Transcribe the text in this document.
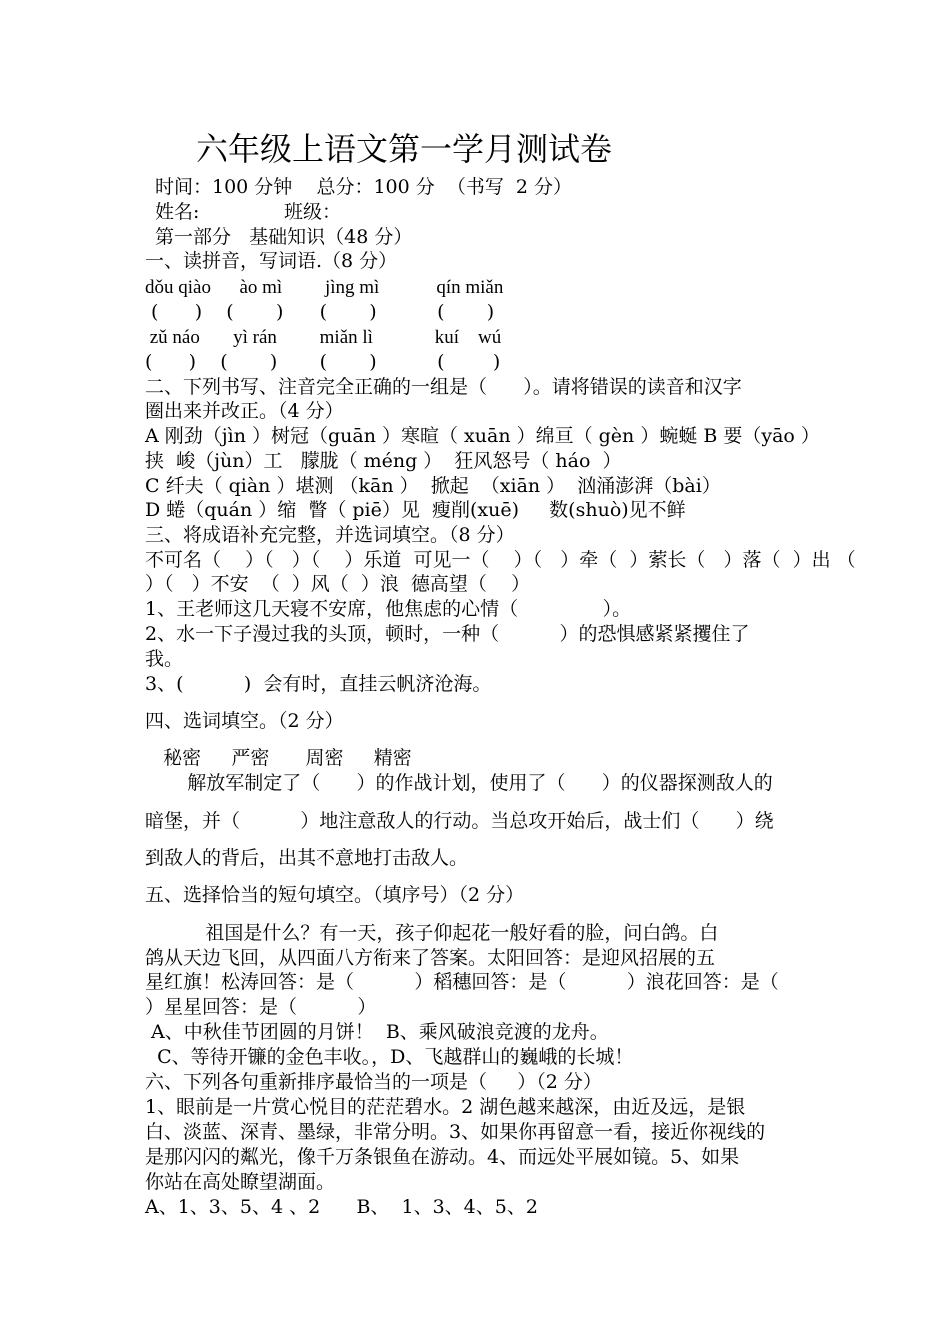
六年级上语文第一学月测试卷
时间：100 分钟    总分：100 分  （书写  2 分）
姓名:              班级：
第一部分   基础知识（48 分）
一、读拼音，写词语.（8 分）
dǒu qiào      ào mì         jìng mì            qín miǎn
(      )    (       )      (       )          (       )
zǔ náo       yì rán         miǎn lì             kuí    wú
(      )    (       )       (       )          (        )
二、下列书写、注音完全正确的一组是（      ）。请将错误的读音和汉字
圈出来并改正。（4 分）
A 刚劲（jìn ）树冠（guān ）寒暄（ xuān ）绵亘（ gèn ）蜿蜒 B 要（yāo ）
挟  峻（jùn）工   朦胧（ méng ）  狂风怒号（ háo  ）
C 纤夫（ qiàn ）堪测 （kān ）  掀起  （xiān ）  汹涌澎湃（bài）
D 蜷（quán ）缩  瞥（ piē）见  瘦削(xuē)     数(shuò)见不鲜
三、将成语补充完整，并选词填空。（8 分）
不可名（    ）（   ）（    ）乐道  可见一（    ）（   ）牵（  ）萦长（   ）落（  ）出 （
）（   ）不安  （  ）风（  ）浪  德高望（    ）
1、王老师这几天寝不安席，他焦虑的心情（              ）。
2、水一下子漫过我的头顶，顿时，一种（          ）的恐惧感紧紧攫住了
我。
3、(          )  会有时，直挂云帆济沧海。
四、选词填空。（2 分）
秘密     严密      周密     精密
解放军制定了（      ）的作战计划，使用了（      ）的仪器探测敌人的
暗堡，并（          ）地注意敌人的行动。当总攻开始后，战士们（      ）绕
到敌人的背后，出其不意地打击敌人。
五、选择恰当的短句填空。（填序号）（2 分）
祖国是什么？有一天，孩子仰起花一般好看的脸，问白鸽。白
鸽从天边飞回，从四面八方衔来了答案。太阳回答：是迎风招展的五
星红旗！松涛回答：是（          ）稻穗回答：是（          ）浪花回答：是（
）星星回答：是（          ）
A、中秋佳节团圆的月饼！  B、乘风破浪竞渡的龙舟。
C、等待开镰的金色丰收。，D、飞越群山的巍峨的长城！
六、下列各句重新排序最恰当的一项是（     ）（2 分）
1、眼前是一片赏心悦目的茫茫碧水。2 湖色越来越深，由近及远，是银
白、淡蓝、深青、墨绿，非常分明。3、如果你再留意一看，接近你视线的
是那闪闪的粼光，像千万条银鱼在游动。4、而远处平展如镜。5、如果
你站在高处瞭望湖面。
A、1、3、5、4 、2      B、  1、3、4、5、2
